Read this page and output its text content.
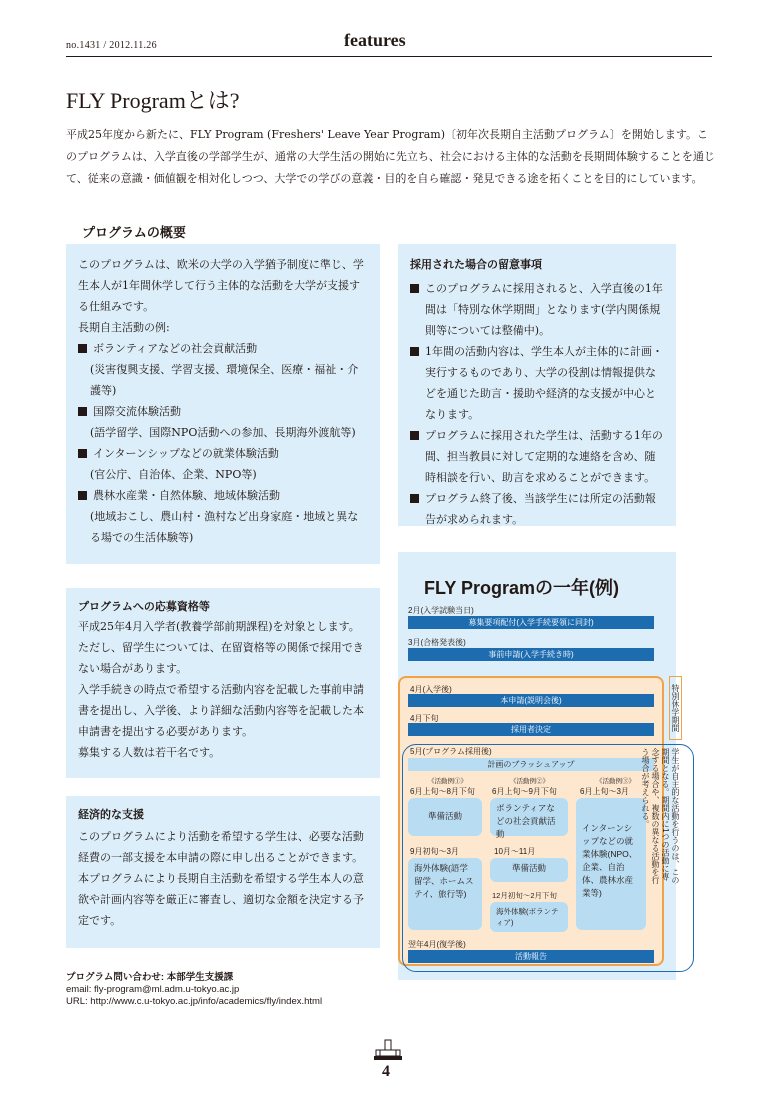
no.1431 / 2012.11.26	features
FLY Programとは?
平成25年度から新たに、FLY Program (Freshers' Leave Year Program)〔初年次長期自主活動プログラム〕を開始します。このプログラムは、入学直後の学部学生が、通常の大学生活の開始に先立ち、社会における主体的な活動を長期間体験することを通じて、従来の意識・価値観を相対化しつつ、大学での学びの意義・目的を自ら確認・発見できる途を拓くことを目的にしています。
プログラムの概要
このプログラムは、欧米の大学の入学猶予制度に準じ、学生本人が1年間休学して行う主体的な活動を大学が支援する仕組みです。
長期自主活動の例:
ボランティアなどの社会貢献活動
(災害復興支援、学習支援、環境保全、医療・福祉・介護等)
国際交流体験活動
(語学留学、国際NPO活動への参加、長期海外渡航等)
インターンシップなどの就業体験活動
(官公庁、自治体、企業、NPO等)
農林水産業・自然体験、地域体験活動
(地域おこし、農山村・漁村など出身家庭・地域と異なる場での生活体験等)
採用された場合の留意事項
このプログラムに採用されると、入学直後の1年間は「特別な休学期間」となります(学内関係規則等については整備中)。
1年間の活動内容は、学生本人が主体的に計画・実行するものであり、大学の役割は情報提供などを通じた助言・援助や経済的な支援が中心となります。
プログラムに採用された学生は、活動する1年の間、担当教員に対して定期的な連絡を含め、随時相談を行い、助言を求めることができます。
プログラム終了後、当該学生には所定の活動報告が求められます。
プログラムへの応募資格等
平成25年4月入学者(教養学部前期課程)を対象とします。ただし、留学生については、在留資格等の関係で採用できない場合があります。
入学手続きの時点で希望する活動内容を記載した事前申請書を提出し、入学後、より詳細な活動内容等を記載した本申請書を提出する必要があります。
募集する人数は若干名です。
経済的な支援
このプログラムにより活動を希望する学生は、必要な活動経費の一部支援を本申請の際に申し出ることができます。本プログラムにより長期自主活動を希望する学生本人の意欲や計画内容等を厳正に審査し、適切な金額を決定する予定です。
プログラム問い合わせ: 本部学生支援課
email: fly-program@ml.adm.u-tokyo.ac.jp
URL: http://www.c.u-tokyo.ac.jp/info/academics/fly/index.html
FLY Programの一年(例)
2月(入学試験当日)
募集要項配付(入学手続要領に同封)
3月(合格発表後)
事前申請(入学手続き時)
特別休学期間
4月(入学後)
本申請(説明会後)
4月下旬
採用者決定
5月(プログラム採用後)
計画のブラッシュアップ
《活動例①》
6月上旬〜8月下旬
準備活動
9月初旬〜3月
海外体験(語学留学、ホームステイ、旅行等)
《活動例②》
6月上旬〜9月下旬
ボランティアなどの社会貢献活動
10月〜11月
準備活動
12月初旬〜2月下旬
海外体験(ボランティア)
《活動例③》
6月上旬〜3月
インターンシップなどの就業体験(NPO、企業、自治体、農林水産業等)
学生が自主的な活動を行うのは、この期間となる。期間内に1つの活動に専念する場合や、複数の異なる活動を行う場合が考えられる。
翌年4月(復学後)
活動報告
4
